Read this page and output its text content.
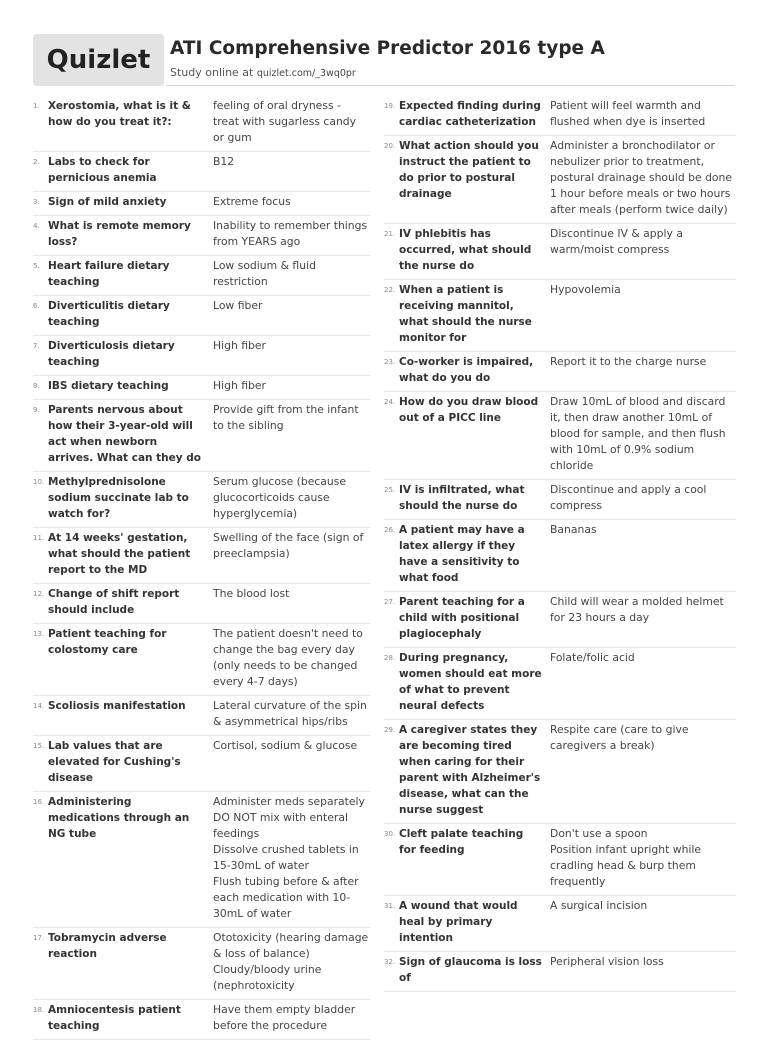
Quizlet	ATI Comprehensive Predictor 2016 type A
Study online at quizlet.com/_3wq0pr
1. Xerostomia, what is it & how do you treat it?:
feeling of oral dryness - treat with sugarless candy or gum
2. Labs to check for pernicious anemia
B12
3. Sign of mild anxiety	Extreme focus
4. What is remote memory loss?
Inability to remember things from YEARS ago
5. Heart failure dietary teaching
Low sodium & fluid restriction
6. Diverticulitis dietary teaching
Low fiber
7. Diverticulosis dietary teaching
High fiber
8. IBS dietary teaching	High fiber
9. Parents nervous about how their 3-year-old will act when newborn arrives. What can they do
Provide gift from the infant to the sibling
10. Methylprednisolone sodium succinate lab to watch for?
Serum glucose (because glucocorticoids cause hyperglycemia)
11. At 14 weeks' gestation, what should the patient report to the MD
Swelling of the face (sign of preeclampsia)
12. Change of shift report should include
The blood lost
13. Patient teaching for colostomy care
The patient doesn't need to change the bag every day (only needs to be changed every 4-7 days)
14. Scoliosis manifestation	Lateral curvature of the spin & asymmetrical hips/ribs
15. Lab values that are elevated for Cushing's disease
Cortisol, sodium & glucose
16. Administering medications through an NG tube
Administer meds separately
DO NOT mix with enteral feedings
Dissolve crushed tablets in 15-30mL of water
Flush tubing before & after each medication with 10-30mL of water
17. Tobramycin adverse reaction
Ototoxicity (hearing damage & loss of balance)
Cloudy/bloody urine (nephrotoxicity
18. Amniocentesis patient teaching
Have them empty bladder before the procedure
19. Expected finding during cardiac catheterization
Patient will feel warmth and flushed when dye is inserted
20. What action should you instruct the patient to do prior to postural drainage
Administer a bronchodilator or nebulizer prior to treatment, postural drainage should be done 1 hour before meals or two hours after meals (perform twice daily)
21. IV phlebitis has occurred, what should the nurse do
Discontinue IV & apply a warm/moist compress
22. When a patient is receiving mannitol, what should the nurse monitor for
Hypovolemia
23. Co-worker is impaired, what do you do
Report it to the charge nurse
24. How do you draw blood out of a PICC line
Draw 10mL of blood and discard it, then draw another 10mL of blood for sample, and then flush with 10mL of 0.9% sodium chloride
25. IV is infiltrated, what should the nurse do
Discontinue and apply a cool compress
26. A patient may have a latex allergy if they have a sensitivity to what food
Bananas
27. Parent teaching for a child with positional plagiocephaly
Child will wear a molded helmet for 23 hours a day
28. During pregnancy, women should eat more of what to prevent neural defects
Folate/folic acid
29. A caregiver states they are becoming tired when caring for their parent with Alzheimer's disease, what can the nurse suggest
Respite care (care to give caregivers a break)
30. Cleft palate teaching for feeding
Don't use a spoon
Position infant upright while cradling head & burp them frequently
31. A wound that would heal by primary intention
A surgical incision
32. Sign of glaucoma is loss of
Peripheral vision loss
